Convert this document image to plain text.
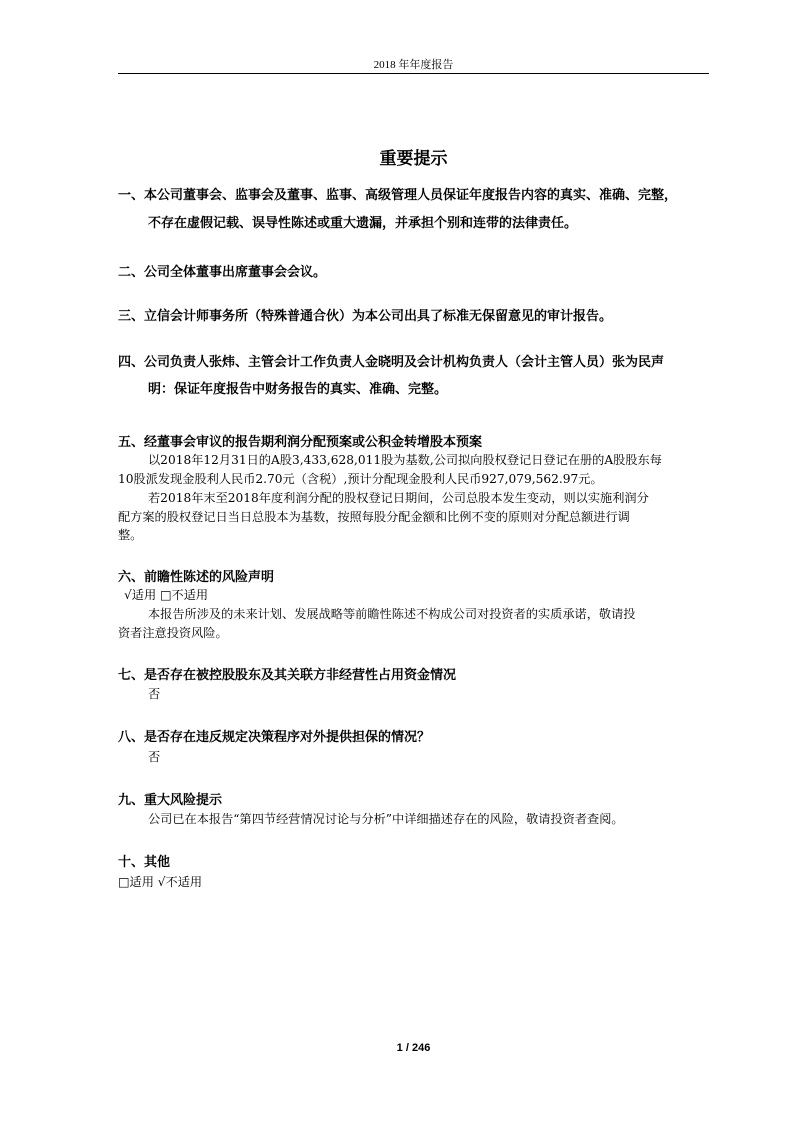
2018 年年度报告
重要提示
一、本公司董事会、监事会及董事、监事、高级管理人员保证年度报告内容的真实、准确、完整，
不存在虚假记载、误导性陈述或重大遗漏，并承担个别和连带的法律责任。
二、公司全体董事出席董事会会议。
三、立信会计师事务所（特殊普通合伙）为本公司出具了标准无保留意见的审计报告。
四、公司负责人张炜、主管会计工作负责人金晓明及会计机构负责人（会计主管人员）张为民声
明：保证年度报告中财务报告的真实、准确、完整。
五、经董事会审议的报告期利润分配预案或公积金转增股本预案
以2018年12月31日的A股3,433,628,011股为基数,公司拟向股权登记日登记在册的A股股东每
10股派发现金股利人民币2.70元（含税）,预计分配现金股利人民币927,079,562.97元。
若2018年末至2018年度利润分配的股权登记日期间，公司总股本发生变动，则以实施利润分
配方案的股权登记日当日总股本为基数，按照每股分配金额和比例不变的原则对分配总额进行调
整。
六、前瞻性陈述的风险声明
√适用 □不适用
本报告所涉及的未来计划、发展战略等前瞻性陈述不构成公司对投资者的实质承诺，敬请投
资者注意投资风险。
七、是否存在被控股股东及其关联方非经营性占用资金情况
否
八、是否存在违反规定决策程序对外提供担保的情况？
否
九、重大风险提示
公司已在本报告“第四节经营情况讨论与分析”中详细描述存在的风险，敬请投资者查阅。
十、其他
□适用 √不适用
1 / 246
